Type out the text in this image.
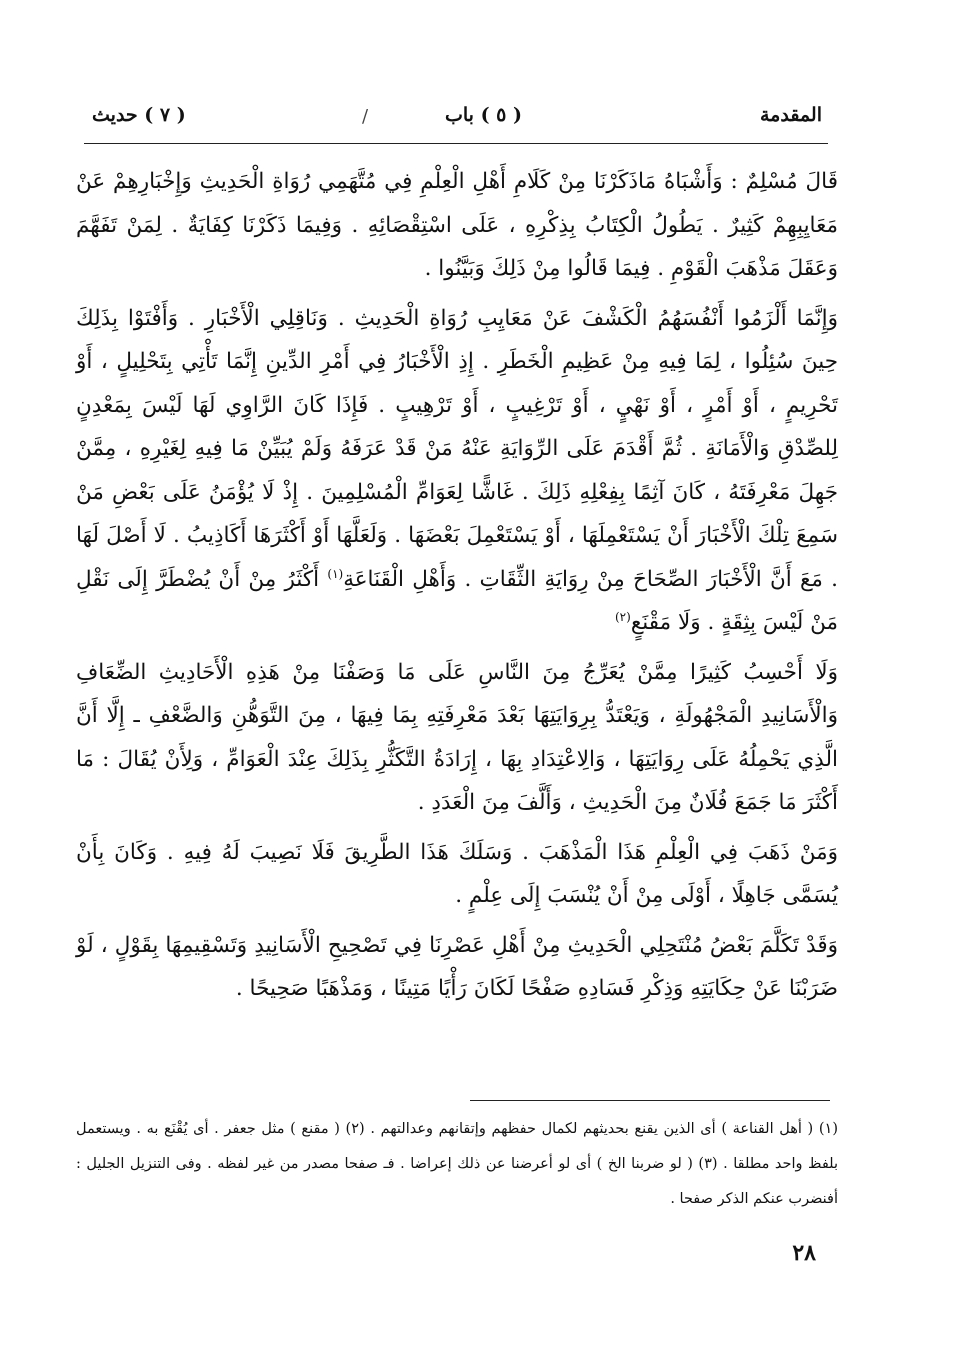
المقدمة
( ٥ ) باب
/
( ٧ ) حديث

قَالَ مُسْلِمٌ : وَأَشْبَاهُ مَاذَكَرْنَا مِنْ كَلَامِ أَهْلِ الْعِلْمِ فِي مُتَّهَمِي رُوَاةِ الْحَدِيثِ وَإِخْبَارِهِمْ عَنْ مَعَايِبِهِمْ كَثِيرٌ . يَطُولُ الْكِتَابُ بِذِكْرِهِ ، عَلَى اسْتِقْصَائِهِ . وَفِيمَا ذَكَرْنَا كِفَايَةٌ . لِمَنْ تَفَهَّمَ وَعَقَلَ مَذْهَبَ الْقَوْمِ . فِيمَا قَالُوا مِنْ ذَلِكَ وَبَيَّنُوا .

وَإِنَّمَا أَلْزَمُوا أَنْفُسَهُمُ الْكَشْفَ عَنْ مَعَايِبِ رُوَاةِ الْحَدِيثِ . وَنَاقِلِي الْأَخْبَارِ . وَأَفْتَوْا بِذَلِكَ حِينَ سُئِلُوا ، لِمَا فِيهِ مِنْ عَظِيمِ الْخَطَرِ . إِذِ الْأَخْبَارُ فِي أَمْرِ الدِّينِ إِنَّمَا تَأْتِي بِتَحْلِيلٍ ، أَوْ تَحْرِيمٍ ، أَوْ أَمْرٍ ، أَوْ نَهْيٍ ، أَوْ تَرْغِيبٍ ، أَوْ تَرْهِيبٍ . فَإِذَا كَانَ الرَّاوِي لَهَا لَيْسَ بِمَعْدِنٍ لِلصِّدْقِ وَالْأَمَانَةِ . ثُمَّ أَقْدَمَ عَلَى الرِّوَايَةِ عَنْهُ مَنْ قَدْ عَرَفَهُ وَلَمْ يُبَيِّنْ مَا فِيهِ لِغَيْرِهِ ، مِمَّنْ جَهِلَ مَعْرِفَتَهُ ، كَانَ آثِمًا بِفِعْلِهِ ذَلِكَ . غَاشًّا لِعَوَامِّ الْمُسْلِمِينَ . إِذْ لَا يُؤْمَنُ عَلَى بَعْضِ مَنْ سَمِعَ تِلْكَ الْأَخْبَارَ أَنْ يَسْتَعْمِلَهَا ، أَوْ يَسْتَعْمِلَ بَعْضَهَا . وَلَعَلَّهَا أَوْ أَكْثَرَهَا أَكَاذِيبُ . لَا أَصْلَ لَهَا . مَعَ أَنَّ الْأَخْبَارَ الصِّحَاحَ مِنْ رِوَايَةِ الثِّقَاتِ . وَأَهْلِ الْقَنَاعَةِ$^{(١)}$ أَكْثَرُ مِنْ أَنْ يُضْطَرَّ إِلَى نَقْلِ مَنْ لَيْسَ بِثِقَةٍ . وَلَا مَقْنَعٍ$^{(٢)}$

وَلَا أَحْسِبُ كَثِيرًا مِمَّنْ يُعَرِّجُ مِنَ النَّاسِ عَلَى مَا وَصَفْنَا مِنْ هَذِهِ الْأَحَادِيثِ الضِّعَافِ وَالْأَسَانِيدِ الْمَجْهُولَةِ ، وَيَعْتَدُّ بِرِوَايَتِهَا بَعْدَ مَعْرِفَتِهِ بِمَا فِيهَا ، مِنَ التَّوَهُّنِ وَالضَّعْفِ ـ إِلَّا أَنَّ الَّذِي يَحْمِلُهُ عَلَى رِوَايَتِهَا ، وَالِاعْتِدَادِ بِهَا ، إِرَادَةُ التَّكَثُّرِ بِذَلِكَ عِنْدَ الْعَوَامِّ ، وَلِأَنْ يُقَالَ : مَا أَكْثَرَ مَا جَمَعَ فُلَانٌ مِنَ الْحَدِيثِ ، وَأَلَّفَ مِنَ الْعَدَدِ .

وَمَنْ ذَهَبَ فِي الْعِلْمِ هَذَا الْمَذْهَبَ . وَسَلَكَ هَذَا الطَّرِيقَ فَلَا نَصِيبَ لَهُ فِيهِ . وَكَانَ بِأَنْ يُسَمَّى جَاهِلًا ، أَوْلَى مِنْ أَنْ يُنْسَبَ إِلَى عِلْمٍ .

وَقَدْ تَكَلَّمَ بَعْضُ مُنْتَحِلِي الْحَدِيثِ مِنْ أَهْلِ عَصْرِنَا فِي تَصْحِيحِ الْأَسَانِيدِ وَتَسْقِيمِهَا بِقَوْلٍ ، لَوْ ضَرَبْنَا عَنْ حِكَايَتِهِ وَذِكْرِ فَسَادِهِ صَفْحًا لَكَانَ رَأْيًا مَتِينًا ، وَمَذْهَبًا صَحِيحًا .

(١) ( أهل القناعة ) أى الذين يقنع بحديثهم لكمال حفظهم وإتقانهم وعدالتهم . (٢) ( مقنع ) مثل جعفر . أى يُقْنَع به . ويستعمل بلفظ واحد مطلقا . (٣) ( لو ضربنا الخ ) أى لو أعرضنا عن ذلك إعراضا . فـ صفحا مصدر من غير لفظه . وفى التنزيل الجليل : أفنضرب عنكم الذكر صفحا .

٢٨
